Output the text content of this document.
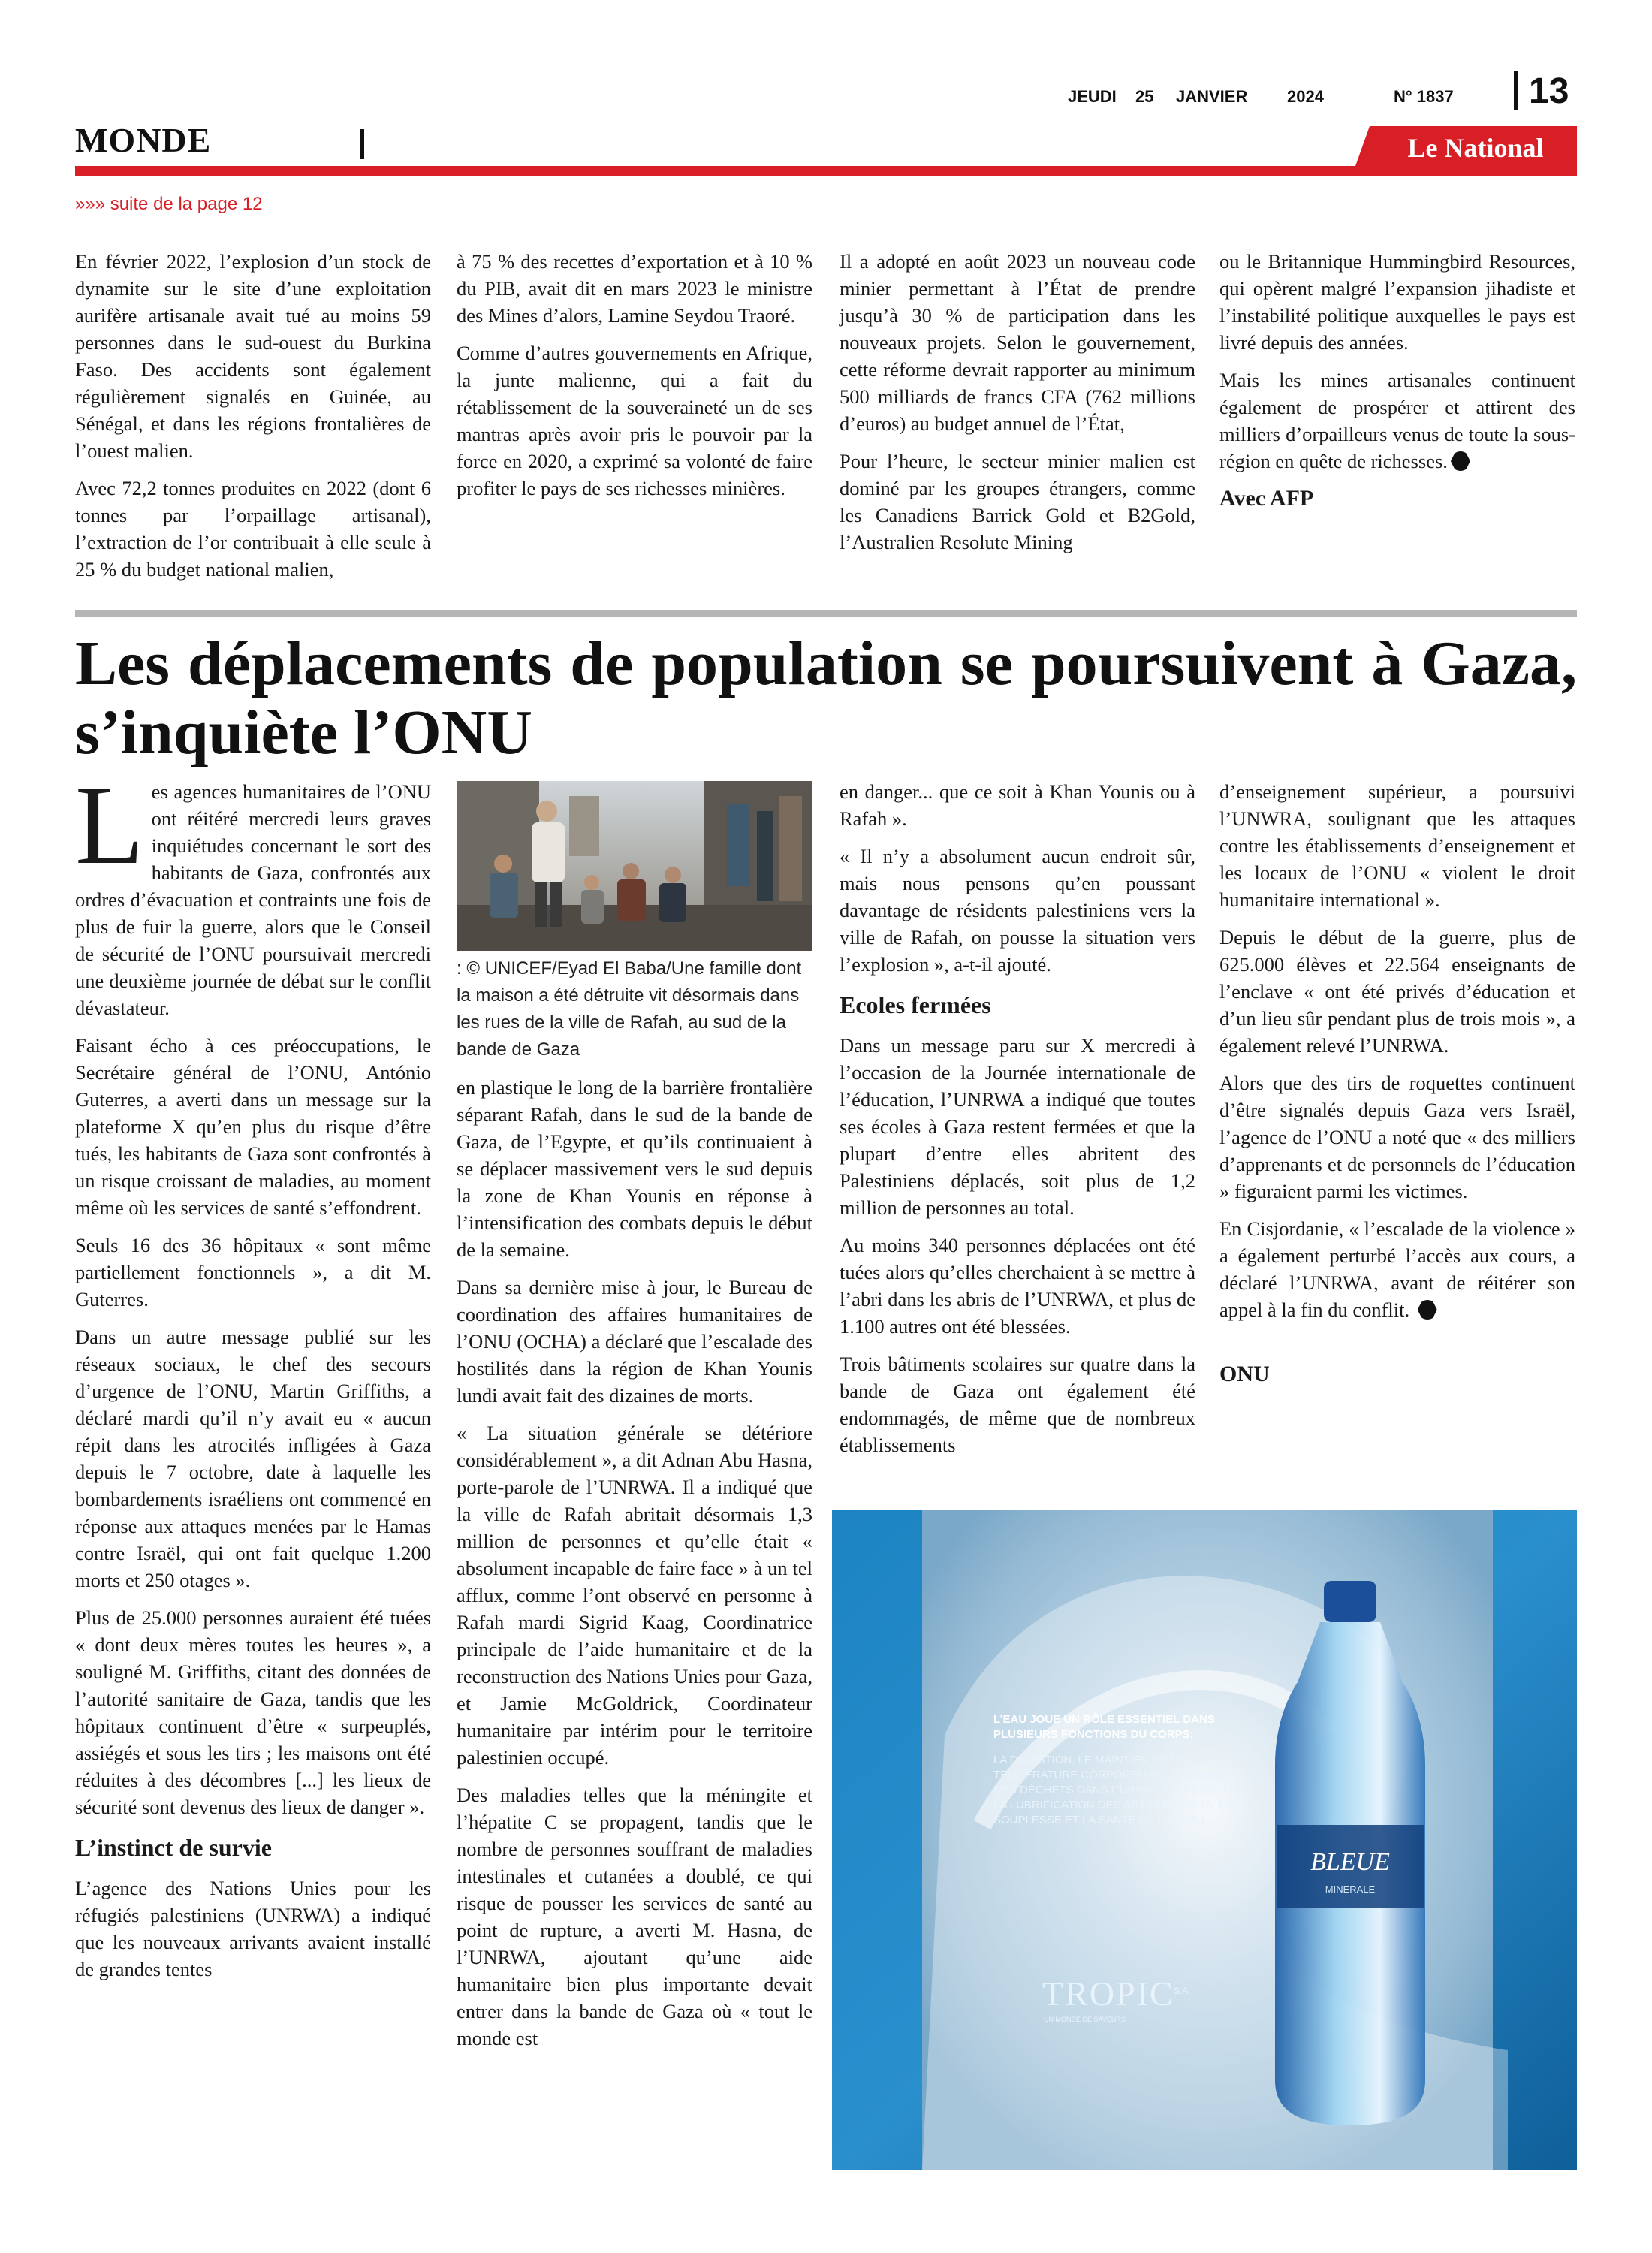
JEUDI 25 JANVIER 2024	N° 1837 13
MONDE	Le National
»»» suite de la page 12

En février 2022, l’explosion d’un stock de dynamite sur le site d’une exploitation aurifère artisanale avait tué au moins 59 personnes dans le sud-ouest du Burkina Faso. Des accidents sont également régulièrement signalés en Guinée, au Sénégal, et dans les régions frontalières de l’ouest malien.

Avec 72,2 tonnes produites en 2022 (dont 6 tonnes par l’orpaillage artisanal), l’extraction de l’or contribuait à elle seule à 25 % du budget national malien,

à 75 % des recettes d’exportation et à 10 % du PIB, avait dit en mars 2023 le ministre des Mines d’alors, Lamine Seydou Traoré.

Comme d’autres gouvernements en Afrique, la junte malienne, qui a fait du rétablissement de la souveraineté un de ses mantras après avoir pris le pouvoir par la force en 2020, a exprimé sa volonté de faire profiter le pays de ses richesses minières.

Il a adopté en août 2023 un nouveau code minier permettant à l’État de prendre jusqu’à 30 % de participation dans les nouveaux projets. Selon le gouvernement, cette réforme devrait rapporter au minimum 500 milliards de francs CFA (762 millions d’euros) au budget annuel de l’État,

Pour l’heure, le secteur minier malien est dominé par les groupes étrangers, comme les Canadiens Barrick Gold et B2Gold, l’Australien Resolute Mining

ou le Britannique Hummingbird Resources, qui opèrent malgré l’expansion jihadiste et l’instabilité politique auxquelles le pays est livré depuis des années.

Mais les mines artisanales continuent également de prospérer et attirent des milliers d’orpailleurs venus de toute la sous-région en quête de richesses.

Avec AFP
Les déplacements de population se poursuivent à Gaza, s’inquiète l’ONU

Les agences humanitaires de l’ONU ont réitéré mercredi leurs graves inquiétudes concernant le sort des habitants de Gaza, confrontés aux ordres d’évacuation et contraints une fois de plus de fuir la guerre, alors que le Conseil de sécurité de l’ONU poursuivait mercredi une deuxième journée de débat sur le conflit dévastateur.

Faisant écho à ces préoccupations, le Secrétaire général de l’ONU, António Guterres, a averti dans un message sur la plateforme X qu’en plus du risque d’être tués, les habitants de Gaza sont confrontés à un risque croissant de maladies, au moment même où les services de santé s’effondrent.

Seuls 16 des 36 hôpitaux « sont même partiellement fonctionnels », a dit M. Guterres.

Dans un autre message publié sur les réseaux sociaux, le chef des secours d’urgence de l’ONU, Martin Griffiths, a déclaré mardi qu’il n’y avait eu « aucun répit dans les atrocités infligées à Gaza depuis le 7 octobre, date à laquelle les bombardements israéliens ont commencé en réponse aux attaques menées par le Hamas contre Israël, qui ont fait quelque 1.200 morts et 250 otages ».

Plus de 25.000 personnes auraient été tuées « dont deux mères toutes les heures », a souligné M. Griffiths, citant des données de l’autorité sanitaire de Gaza, tandis que les hôpitaux continuent d’être « surpeuplés, assiégés et sous les tirs ; les maisons ont été réduites à des décombres [...] les lieux de sécurité sont devenus des lieux de danger ».

L’instinct de survie

L’agence des Nations Unies pour les réfugiés palestiniens (UNRWA) a indiqué que les nouveaux arrivants avaient installé de grandes tentes

: © UNICEF/Eyad El Baba/Une famille dont la maison a été détruite vit désormais dans les rues de la ville de Rafah, au sud de la bande de Gaza

en plastique le long de la barrière frontalière séparant Rafah, dans le sud de la bande de Gaza, de l’Egypte, et qu’ils continuaient à se déplacer massivement vers le sud depuis la zone de Khan Younis en réponse à l’intensification des combats depuis le début de la semaine.

Dans sa dernière mise à jour, le Bureau de coordination des affaires humanitaires de l’ONU (OCHA) a déclaré que l’escalade des hostilités dans la région de Khan Younis lundi avait fait des dizaines de morts.

« La situation générale se détériore considérablement », a dit Adnan Abu Hasna, porte-parole de l’UNRWA. Il a indiqué que la ville de Rafah abritait désormais 1,3 million de personnes et qu’elle était « absolument incapable de faire face » à un tel afflux, comme l’ont observé en personne à Rafah mardi Sigrid Kaag, Coordinatrice principale de l’aide humanitaire et de la reconstruction des Nations Unies pour Gaza, et Jamie McGoldrick, Coordinateur humanitaire par intérim pour le territoire palestinien occupé.

Des maladies telles que la méningite et l’hépatite C se propagent, tandis que le nombre de personnes souffrant de maladies intestinales et cutanées a doublé, ce qui risque de pousser les services de santé au point de rupture, a averti M. Hasna, de l’UNRWA, ajoutant qu’une aide humanitaire bien plus importante devait entrer dans la bande de Gaza où « tout le monde est

en danger... que ce soit à Khan Younis ou à Rafah ».

« Il n’y a absolument aucun endroit sûr, mais nous pensons qu’en poussant davantage de résidents palestiniens vers la ville de Rafah, on pousse la situation vers l’explosion », a-t-il ajouté.

Ecoles fermées

Dans un message paru sur X mercredi à l’occasion de la Journée internationale de l’éducation, l’UNRWA a indiqué que toutes ses écoles à Gaza restent fermées et que la plupart d’entre elles abritent des Palestiniens déplacés, soit plus de 1,2 million de personnes au total.

Au moins 340 personnes déplacées ont été tuées alors qu’elles cherchaient à se mettre à l’abri dans les abris de l’UNRWA, et plus de 1.100 autres ont été blessées.

Trois bâtiments scolaires sur quatre dans la bande de Gaza ont également été endommagés, de même que de nombreux établissements

d’enseignement supérieur, a poursuivi l’UNWRA, soulignant que les attaques contre les établissements d’enseignement et les locaux de l’ONU « violent le droit humanitaire international ».

Depuis le début de la guerre, plus de 625.000 élèves et 22.564 enseignants de l’enclave « ont été privés d’éducation et d’un lieu sûr pendant plus de trois mois », a également relevé l’UNRWA.

Alors que des tirs de roquettes continuent d’être signalés depuis Gaza vers Israël, l’agence de l’ONU a noté que « des milliers d’apprenants et de personnels de l’éducation » figuraient parmi les victimes.

En Cisjordanie, « l’escalade de la violence » a également perturbé l’accès aux cours, a déclaré l’UNRWA, avant de réitérer son appel à la fin du conflit.

ONU
BLEUE
MINERALE
L’EAU JOUE UN RÔLE ESSENTIEL DANS PLUSIEURS FONCTIONS DU CORPS:
LA DIGESTION, LE MAINTIEN DE LA TEMPÉRATURE CORPORELLE, L’ÉLIMINATION DES DÉCHETS DANS L’URINE OU LES SELLES, LA LUBRIFICATION DES ARTICULATIONS, LA SOUPLESSE ET LA SANTÉ DE LA PEAU.
TROPIC S.A
UN MONDE DE SAVEURS
